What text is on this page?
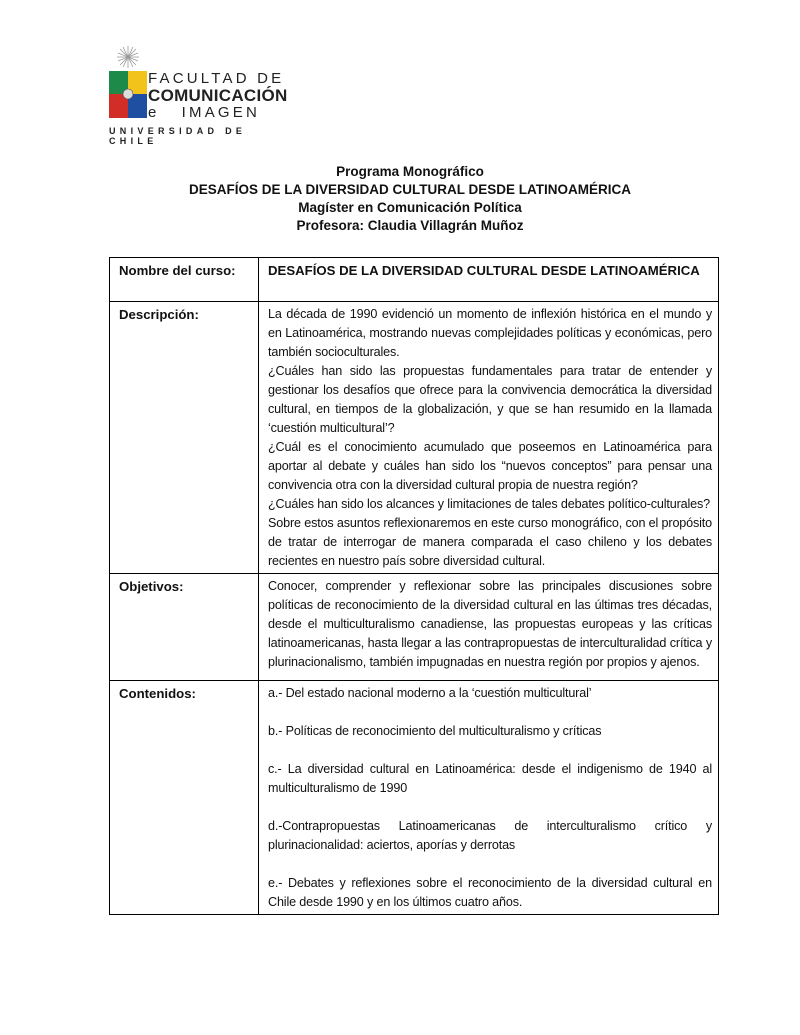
FACULTAD DE
COMUNICACIÓN
e   IMAGEN
UNIVERSIDAD DE CHILE
Programa Monográfico
DESAFÍOS DE LA DIVERSIDAD CULTURAL DESDE LATINOAMÉRICA
Magíster en Comunicación Política
Profesora: Claudia Villagrán Muñoz
Nombre del curso:	DESAFÍOS DE LA DIVERSIDAD CULTURAL DESDE LATINOAMÉRICA
Descripción:	La década de 1990 evidenció un momento de inflexión histórica en el mundo y en Latinoamérica, mostrando nuevas complejidades políticas y económicas, pero también socioculturales.

¿Cuáles han sido las propuestas fundamentales para tratar de entender y gestionar los desafíos que ofrece para la convivencia democrática la diversidad cultural, en tiempos de la globalización, y que se han resumido en la llamada ‘cuestión multicultural’?

¿Cuál es el conocimiento acumulado que poseemos en Latinoamérica para aportar al debate y cuáles han sido los “nuevos conceptos” para pensar una convivencia otra con la diversidad cultural propia de nuestra región?

¿Cuáles han sido los alcances y limitaciones de tales debates político-culturales?

Sobre estos asuntos reflexionaremos en este curso monográfico, con el propósito de tratar de interrogar de manera comparada el caso chileno y los debates recientes en nuestro país sobre diversidad cultural.

Objetivos:	Conocer, comprender y reflexionar sobre las principales discusiones sobre políticas de reconocimiento de la diversidad cultural en las últimas tres décadas, desde el multiculturalismo canadiense, las propuestas europeas y las críticas latinoamericanas, hasta llegar a las contrapropuestas de interculturalidad crítica y plurinacionalismo, también impugnadas en nuestra región por propios y ajenos.

Contenidos:	a.- Del estado nacional moderno a la ‘cuestión multicultural’

b.- Políticas de reconocimiento del multiculturalismo y críticas

c.- La diversidad cultural en Latinoamérica: desde el indigenismo de 1940 al multiculturalismo de 1990

d.-Contrapropuestas Latinoamericanas de interculturalismo crítico y plurinacionalidad: aciertos, aporías y derrotas

e.- Debates y reflexiones sobre el reconocimiento de la diversidad cultural en Chile desde 1990 y en los últimos cuatro años.
